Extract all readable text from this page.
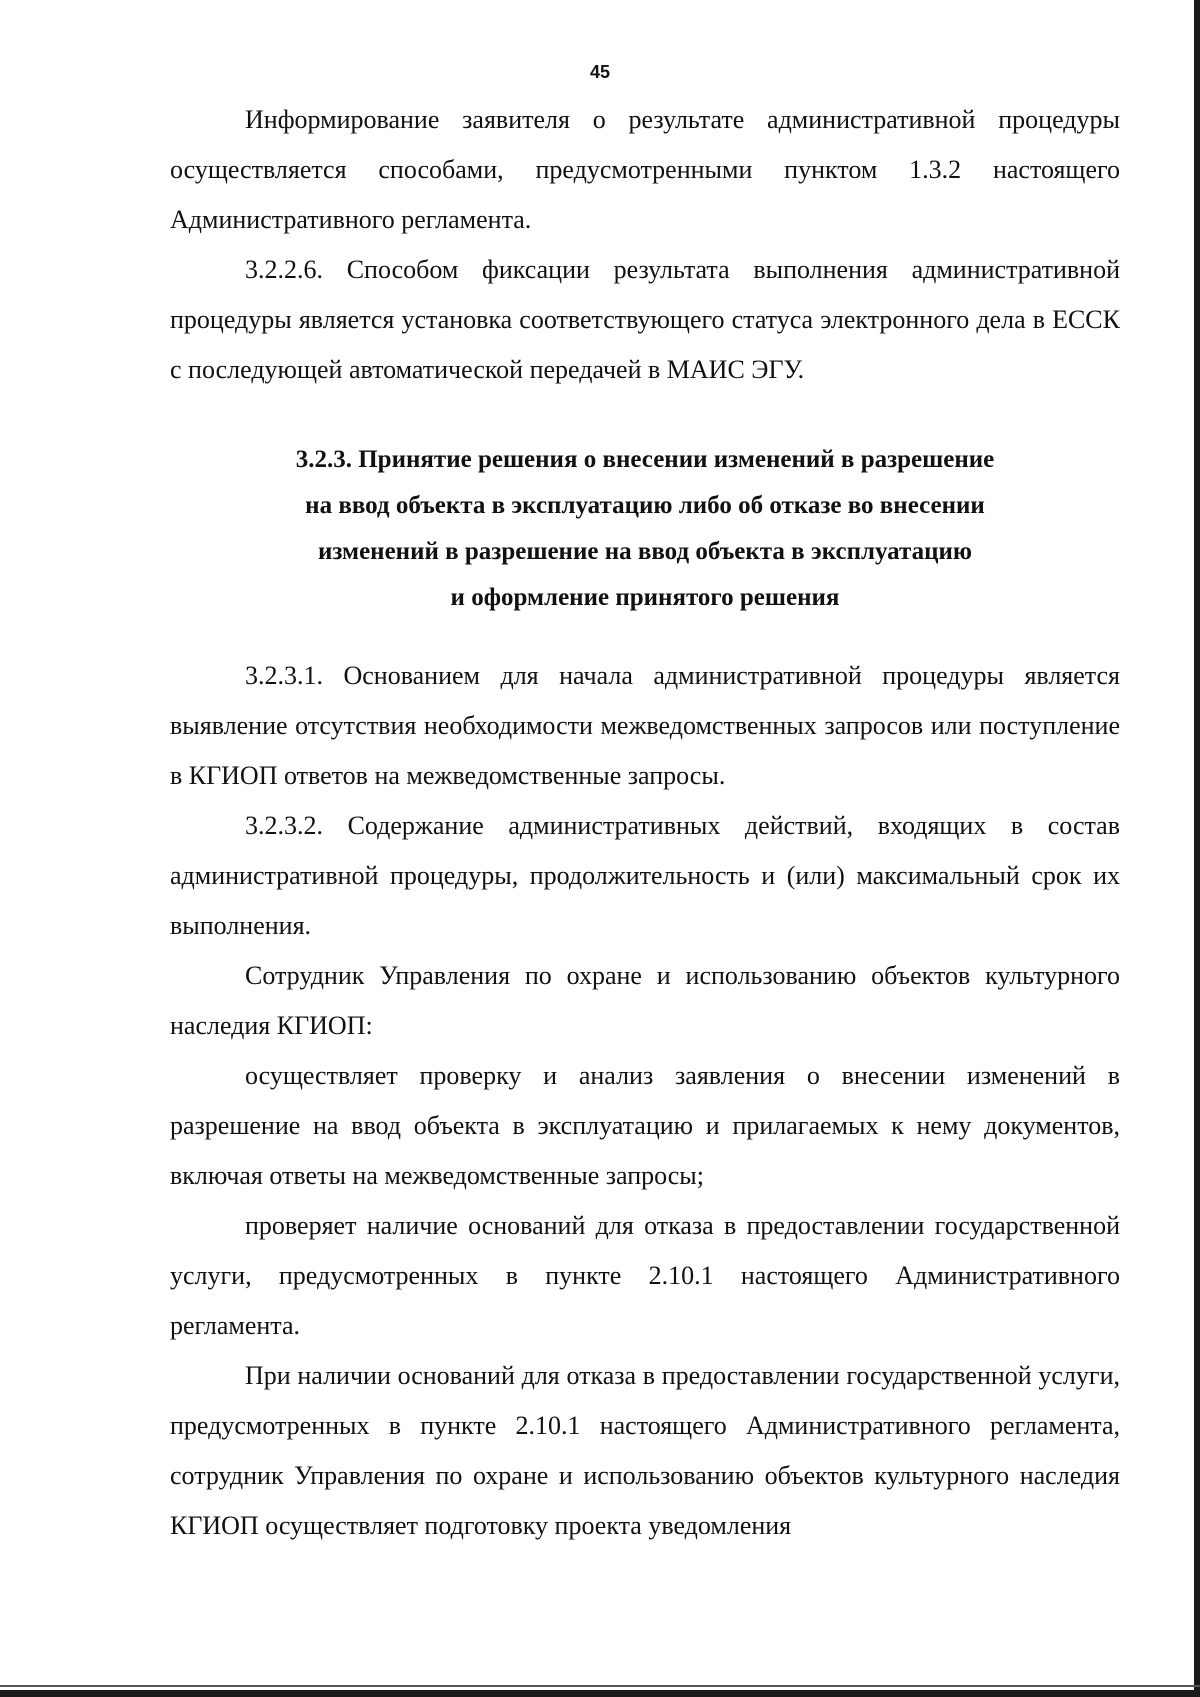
45

Информирование заявителя о результате административной процедуры осуществляется способами, предусмотренными пунктом 1.3.2 настоящего Административного регламента.

3.2.2.6. Способом фиксации результата выполнения административной процедуры является установка соответствующего статуса электронного дела в ЕССК с последующей автоматической передачей в МАИС ЭГУ.

3.2.3. Принятие решения о внесении изменений в разрешение
на ввод объекта в эксплуатацию либо об отказе во внесении
изменений в разрешение на ввод объекта в эксплуатацию
и оформление принятого решения

3.2.3.1. Основанием для начала административной процедуры является выявление отсутствия необходимости межведомственных запросов или поступление в КГИОП ответов на межведомственные запросы.

3.2.3.2. Содержание административных действий, входящих в состав административной процедуры, продолжительность и (или) максимальный срок их выполнения.

Сотрудник Управления по охране и использованию объектов культурного наследия КГИОП:

осуществляет проверку и анализ заявления о внесении изменений в разрешение на ввод объекта в эксплуатацию и прилагаемых к нему документов, включая ответы на межведомственные запросы;

проверяет наличие оснований для отказа в предоставлении государственной услуги, предусмотренных в пункте 2.10.1 настоящего Административного регламента.

При наличии оснований для отказа в предоставлении государственной услуги, предусмотренных в пункте 2.10.1 настоящего Административного регламента, сотрудник Управления по охране и использованию объектов культурного наследия КГИОП осуществляет подготовку проекта уведомления
